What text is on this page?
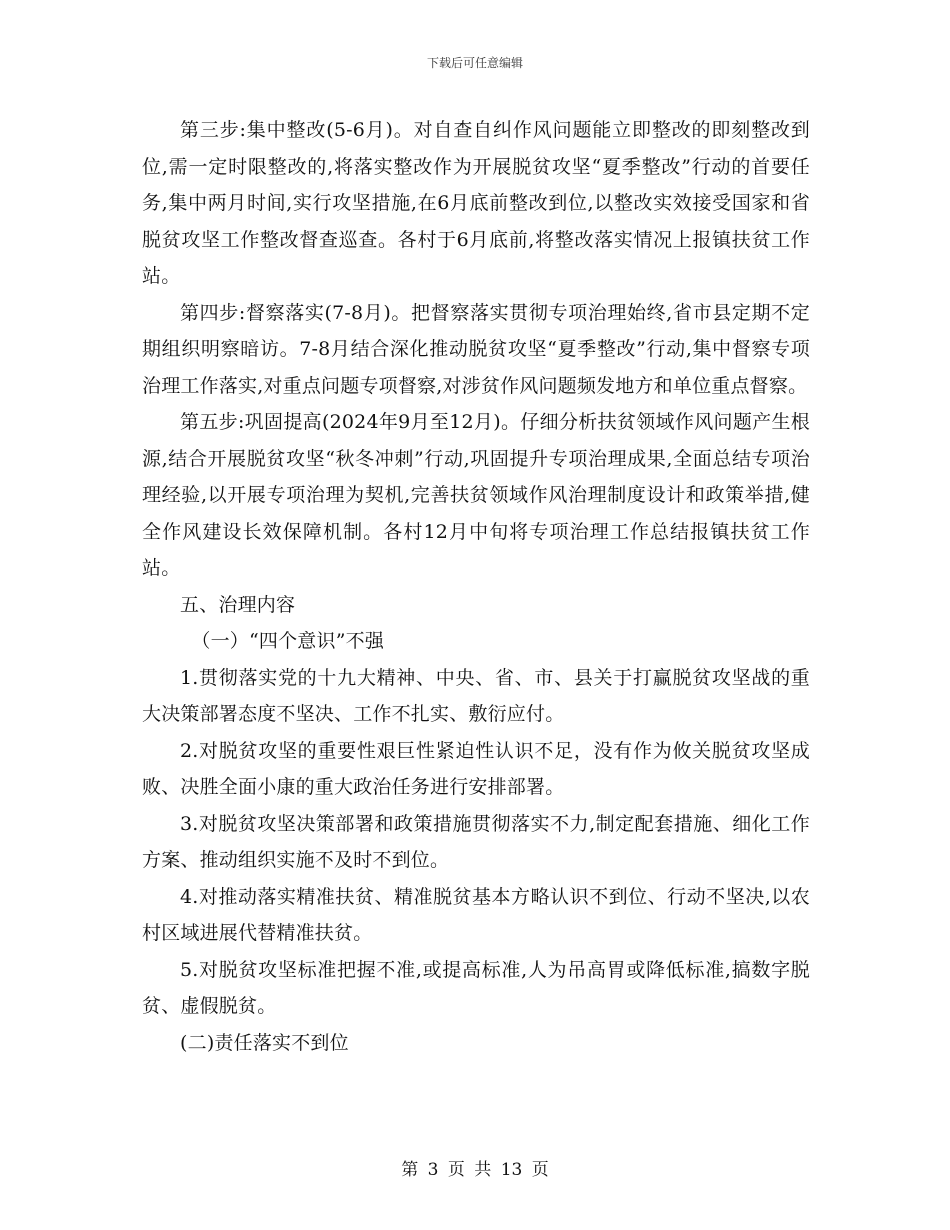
下载后可任意编辑

第三步:集中整改(5-6月)。对自查自纠作风问题能立即整改的即刻整改到位,需一定时限整改的,将落实整改作为开展脱贫攻坚“夏季整改”行动的首要任务,集中两月时间,实行攻坚措施,在6月底前整改到位,以整改实效接受国家和省脱贫攻坚工作整改督查巡查。各村于6月底前,将整改落实情况上报镇扶贫工作站。

第四步:督察落实(7-8月)。把督察落实贯彻专项治理始终,省市县定期不定期组织明察暗访。7-8月结合深化推动脱贫攻坚“夏季整改”行动,集中督察专项治理工作落实,对重点问题专项督察,对涉贫作风问题频发地方和单位重点督察。

第五步:巩固提高(2024年9月至12月)。仔细分析扶贫领域作风问题产生根源,结合开展脱贫攻坚“秋冬冲刺”行动,巩固提升专项治理成果,全面总结专项治理经验,以开展专项治理为契机,完善扶贫领域作风治理制度设计和政策举措,健全作风建设长效保障机制。各村12月中旬将专项治理工作总结报镇扶贫工作站。

五、治理内容

（一）“四个意识”不强

1.贯彻落实党的十九大精神、中央、省、市、县关于打赢脱贫攻坚战的重大决策部署态度不坚决、工作不扎实、敷衍应付。

2.对脱贫攻坚的重要性艰巨性紧迫性认识不足，没有作为攸关脱贫攻坚成败、决胜全面小康的重大政治任务进行安排部署。

3.对脱贫攻坚决策部署和政策措施贯彻落实不力,制定配套措施、细化工作方案、推动组织实施不及时不到位。

4.对推动落实精准扶贫、精准脱贫基本方略认识不到位、行动不坚决,以农村区域进展代替精准扶贫。

5.对脱贫攻坚标准把握不准,或提高标准,人为吊高胃或降低标准,搞数字脱贫、虚假脱贫。

(二)责任落实不到位

第 3 页 共 13 页
